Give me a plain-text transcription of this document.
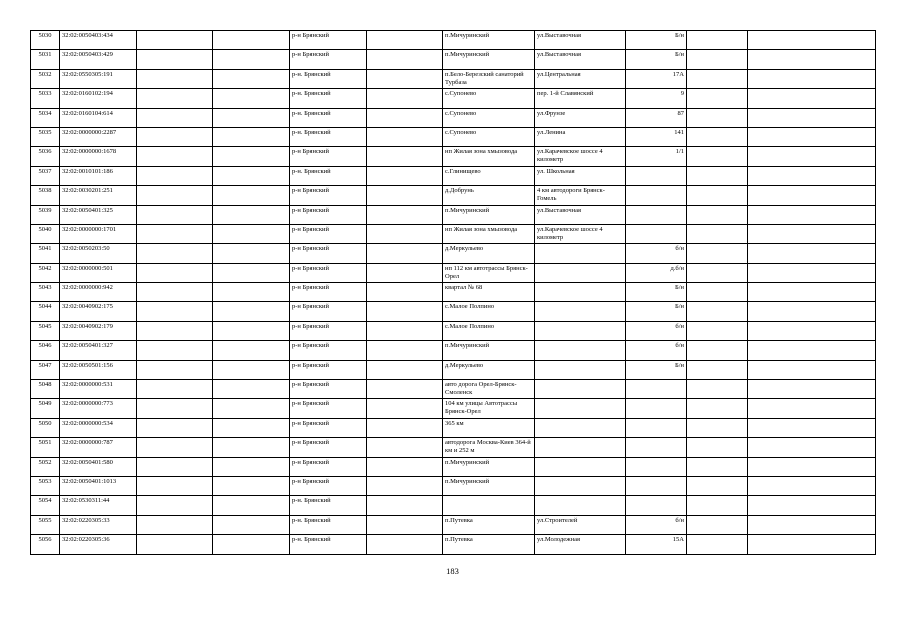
5030	32:02:0050403:434			р-н Брянский		п.Мичуринский	ул.Выставочная	Б/н		
5031	32:02:0050403:429			р-н Брянский		п.Мичуринский	ул.Выставочная	Б/н		
5032	32:02:0550305:191			р-н. Брянский		п.Бело-Березский санаторий Турбаза	ул.Центральная	17А		
5033	32:02:0160102:194			р-н. Брянский		с.Супонево	пер. 1-й Славянский	9		
5034	32:02:0160104:614			р-н. Брянский		с.Супонево	ул.Фрунзе	87		
5035	32:02:0000000:2287			р-н. Брянский		с.Супонево	ул.Ленина	141		
5036	32:02:0000000:1678			р-н Брянский		нп Жилая зона хмызовода	ул.Карачевское шоссе 4 километр	1/1		
5037	32:02:0010101:186			р-н. Брянский		с.Глинищево	ул. Школьная			
5038	32:02:0030201:251			р-н Брянский		д.Добрунь	4 км автодороги Брянск-Гомель			
5039	32:02:0050401:325			р-н Брянский		п.Мичуринский	ул.Выставочная			
5040	32:02:0000000:1701			р-н Брянский		нп Жилая зона хмызовода	ул.Карачевское шоссе 4 километр			
5041	32:02:0050203:50			р-н Брянский		д.Меркульево		б/н		
5042	32:02:0000000:501			р-н Брянский		нп 112 км автотрассы Брянск-Орел		д.б/н		
5043	32:02:0000000:942			р-н Брянский		квартал № 68		Б/н		
5044	32:02:0040902:175			р-н Брянский		с.Малое Полпино		Б/н		
5045	32:02:0040902:179			р-н Брянский		с.Малое Полпино		б/н		
5046	32:02:0050401:327			р-н Брянский		п.Мичуринский		б/н		
5047	32:02:0050501:156			р-н Брянский		д.Меркульево		Б/н		
5048	32:02:0000000:531			р-н Брянский		авто дорога Орел-Брянск-Смоленск				
5049	32:02:0000000:773			р-н Брянский		104 км улицы Автотрассы Брянск-Орел				
5050	32:02:0000000:534			р-н Брянский		365 км				
5051	32:02:0000000:787			р-н Брянский		автодорога Москва-Киев 364-й км и 252 м				
5052	32:02:0050401:580			р-н Брянский		п.Мичуринский				
5053	32:02:0050401:1013			р-н Брянский		п.Мичуринский				
5054	32:02:0530311:44			р-н. Брянский						
5055	32:02:0220305:33			р-н. Брянский		п.Путевка	ул.Строителей	б/н		
5056	32:02:0220305:36			р-н. Брянский		п.Путевка	ул.Молодежная	15А		
183
